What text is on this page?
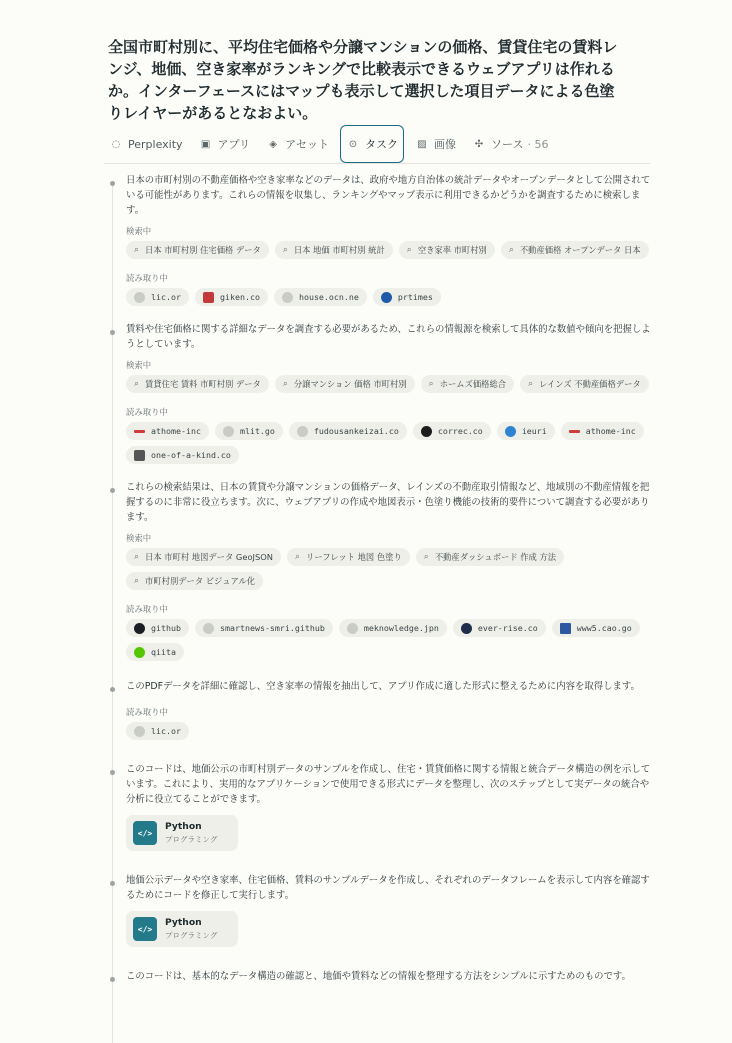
全国市町村別に、平均住宅価格や分譲マンションの価格、賃貸住宅の賃料レンジ、地価、空き家率がランキングで比較表示できるウェブアプリは作れるか。インターフェースにはマップも表示して選択した項目データによる色塗りレイヤーがあるとなおよい。
◌ Perplexity ▣ アプリ	◈ アセット ⊙ タスク ▨ 画像 ✣ ソース · 56

日本の市町村別の不動産価格や空き家率などのデータは、政府や地方自治体の統計データやオープンデータとして公開されている可能性があります。これらの情報を収集し、ランキングやマップ表示に利用できるかどうかを調査するために検索します。

検索中
⌕ 日本 市町村別 住宅価格 データ ⌕ 日本 地価 市町村別 統計 ⌕ 空き家率 市町村別 ⌕ 不動産価格 オープンデータ 日本
読み取り中
lic.or	giken.co	house.ocn.ne	prtimes

賃料や住宅価格に関する詳細なデータを調査する必要があるため、これらの情報源を検索して具体的な数値や傾向を把握しようとしています。

検索中
⌕ 賃貸住宅 賃料 市町村別 データ ⌕ 分譲マンション 価格 市町村別 ⌕ ホームズ価格総合 ⌕ レインズ 不動産価格データ
読み取り中
athome-inc	mlit.go	fudousankeizai.co	correc.co	ieuri	athome-inc
one-of-a-kind.co

これらの検索結果は、日本の賃貸や分譲マンションの価格データ、レインズの不動産取引情報など、地域別の不動産情報を把握するのに非常に役立ちます。次に、ウェブアプリの作成や地図表示・色塗り機能の技術的要件について調査する必要があります。

検索中
⌕ 日本 市町村 地図データ GeoJSON ⌕ リーフレット 地図 色塗り ⌕ 不動産ダッシュボード 作成 方法
⌕ 市町村別データ ビジュアル化
読み取り中
github	smartnews-smri.github	meknowledge.jpn	ever-rise.co	www5.cao.go
qiita

このPDFデータを詳細に確認し、空き家率の情報を抽出して、アプリ作成に適した形式に整えるために内容を取得します。

読み取り中
lic.or

このコードは、地価公示の市町村別データのサンプルを作成し、住宅・賃貸価格に関する情報と統合データ構造の例を示しています。これにより、実用的なアプリケーションで使用できる形式にデータを整理し、次のステップとして実データの統合や分析に役立てることができます。

</>
Python
プログラミング

地価公示データや空き家率、住宅価格、賃料のサンプルデータを作成し、それぞれのデータフレームを表示して内容を確認するためにコードを修正して実行します。

</>
Python
プログラミング

このコードは、基本的なデータ構造の確認と、地価や賃料などの情報を整理する方法をシンプルに示すためのものです。
